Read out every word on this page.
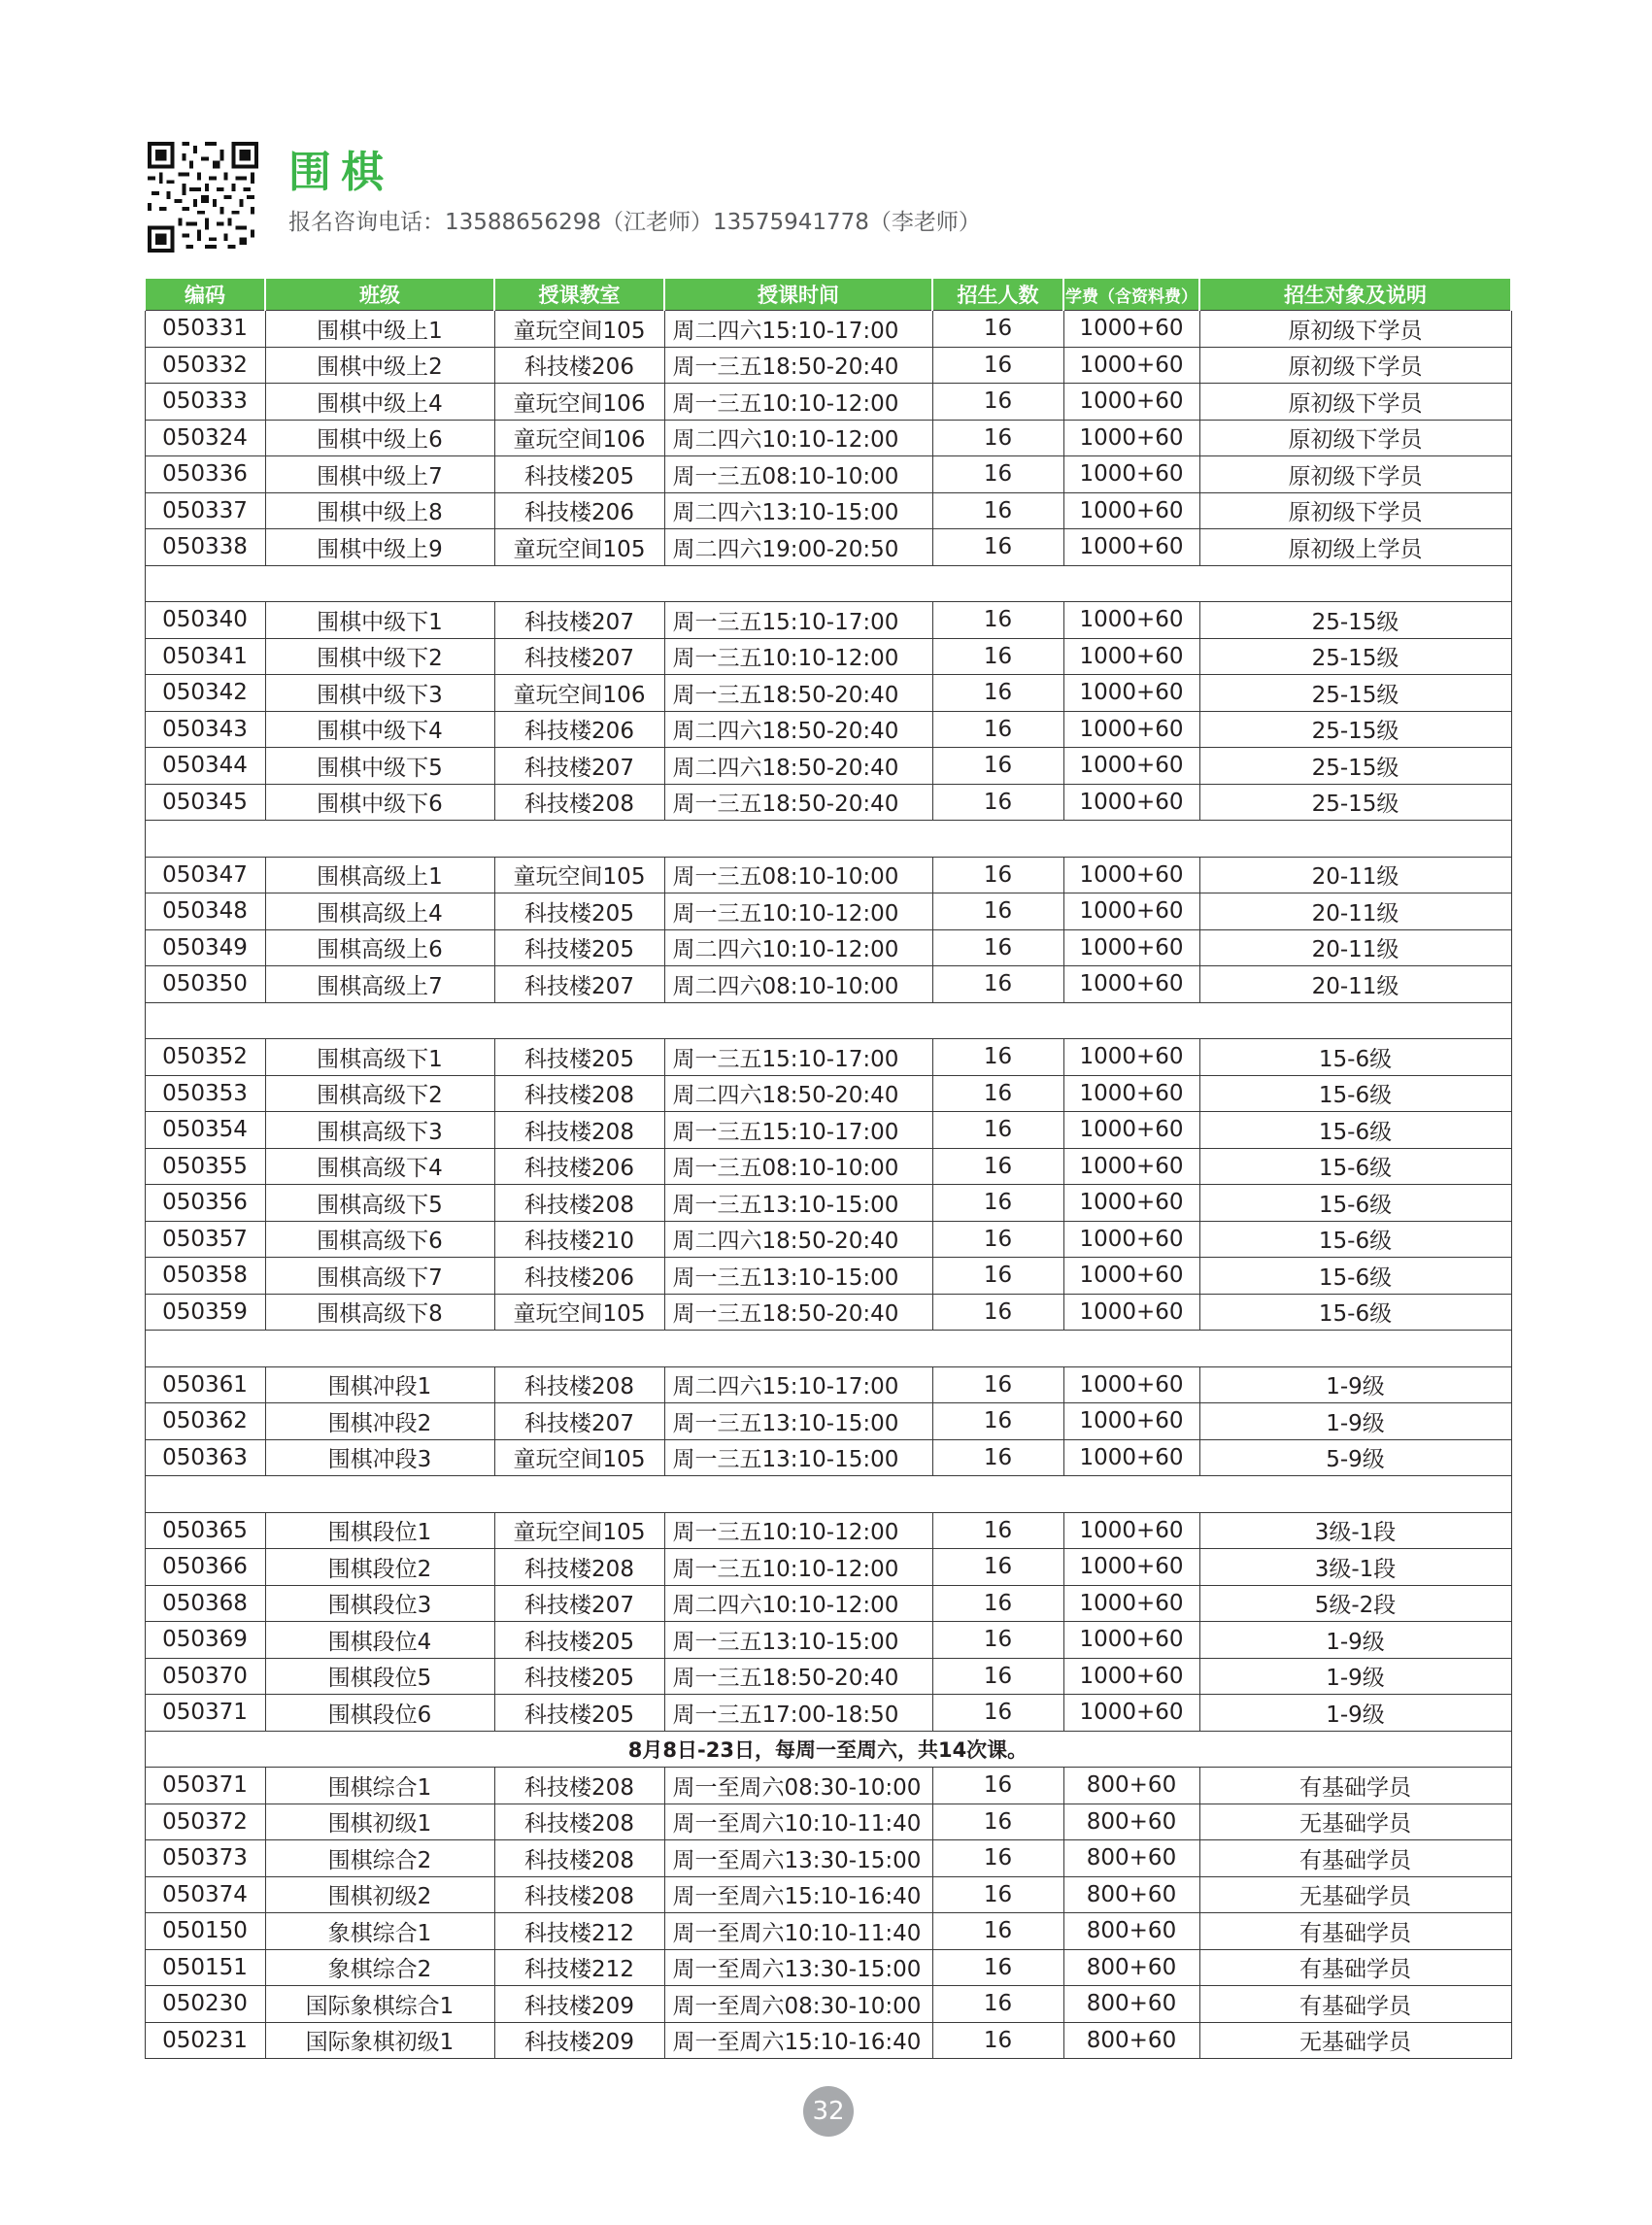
围棋
报名咨询电话：13588656298（江老师）13575941778（李老师）
编码	班级	授课教室	授课时间	招生人数	学费（含资料费）	招生对象及说明
050331	围棋中级上1	童玩空间105	周二四六15:10-17:00	16	1000+60	原初级下学员
050332	围棋中级上2	科技楼206	周一三五18:50-20:40	16	1000+60	原初级下学员
050333	围棋中级上4	童玩空间106	周一三五10:10-12:00	16	1000+60	原初级下学员
050324	围棋中级上6	童玩空间106	周二四六10:10-12:00	16	1000+60	原初级下学员
050336	围棋中级上7	科技楼205	周一三五08:10-10:00	16	1000+60	原初级下学员
050337	围棋中级上8	科技楼206	周二四六13:10-15:00	16	1000+60	原初级下学员
050338	围棋中级上9	童玩空间105	周二四六19:00-20:50	16	1000+60	原初级上学员

050340	围棋中级下1	科技楼207	周一三五15:10-17:00	16	1000+60	25-15级
050341	围棋中级下2	科技楼207	周一三五10:10-12:00	16	1000+60	25-15级
050342	围棋中级下3	童玩空间106	周一三五18:50-20:40	16	1000+60	25-15级
050343	围棋中级下4	科技楼206	周二四六18:50-20:40	16	1000+60	25-15级
050344	围棋中级下5	科技楼207	周二四六18:50-20:40	16	1000+60	25-15级
050345	围棋中级下6	科技楼208	周一三五18:50-20:40	16	1000+60	25-15级

050347	围棋高级上1	童玩空间105	周一三五08:10-10:00	16	1000+60	20-11级
050348	围棋高级上4	科技楼205	周一三五10:10-12:00	16	1000+60	20-11级
050349	围棋高级上6	科技楼205	周二四六10:10-12:00	16	1000+60	20-11级
050350	围棋高级上7	科技楼207	周二四六08:10-10:00	16	1000+60	20-11级

050352	围棋高级下1	科技楼205	周一三五15:10-17:00	16	1000+60	15-6级
050353	围棋高级下2	科技楼208	周二四六18:50-20:40	16	1000+60	15-6级
050354	围棋高级下3	科技楼208	周一三五15:10-17:00	16	1000+60	15-6级
050355	围棋高级下4	科技楼206	周一三五08:10-10:00	16	1000+60	15-6级
050356	围棋高级下5	科技楼208	周一三五13:10-15:00	16	1000+60	15-6级
050357	围棋高级下6	科技楼210	周二四六18:50-20:40	16	1000+60	15-6级
050358	围棋高级下7	科技楼206	周一三五13:10-15:00	16	1000+60	15-6级
050359	围棋高级下8	童玩空间105	周一三五18:50-20:40	16	1000+60	15-6级

050361	围棋冲段1	科技楼208	周二四六15:10-17:00	16	1000+60	1-9级
050362	围棋冲段2	科技楼207	周一三五13:10-15:00	16	1000+60	1-9级
050363	围棋冲段3	童玩空间105	周一三五13:10-15:00	16	1000+60	5-9级

050365	围棋段位1	童玩空间105	周一三五10:10-12:00	16	1000+60	3级-1段
050366	围棋段位2	科技楼208	周一三五10:10-12:00	16	1000+60	3级-1段
050368	围棋段位3	科技楼207	周二四六10:10-12:00	16	1000+60	5级-2段
050369	围棋段位4	科技楼205	周一三五13:10-15:00	16	1000+60	1-9级
050370	围棋段位5	科技楼205	周一三五18:50-20:40	16	1000+60	1-9级
050371	围棋段位6	科技楼205	周一三五17:00-18:50	16	1000+60	1-9级
8月8日-23日，每周一至周六，共14次课。						
050371	围棋综合1	科技楼208	周一至周六08:30-10:00	16	800+60	有基础学员
050372	围棋初级1	科技楼208	周一至周六10:10-11:40	16	800+60	无基础学员
050373	围棋综合2	科技楼208	周一至周六13:30-15:00	16	800+60	有基础学员
050374	围棋初级2	科技楼208	周一至周六15:10-16:40	16	800+60	无基础学员
050150	象棋综合1	科技楼212	周一至周六10:10-11:40	16	800+60	有基础学员
050151	象棋综合2	科技楼212	周一至周六13:30-15:00	16	800+60	有基础学员
050230	国际象棋综合1	科技楼209	周一至周六08:30-10:00	16	800+60	有基础学员
050231	国际象棋初级1	科技楼209	周一至周六15:10-16:40	16	800+60	无基础学员
32
